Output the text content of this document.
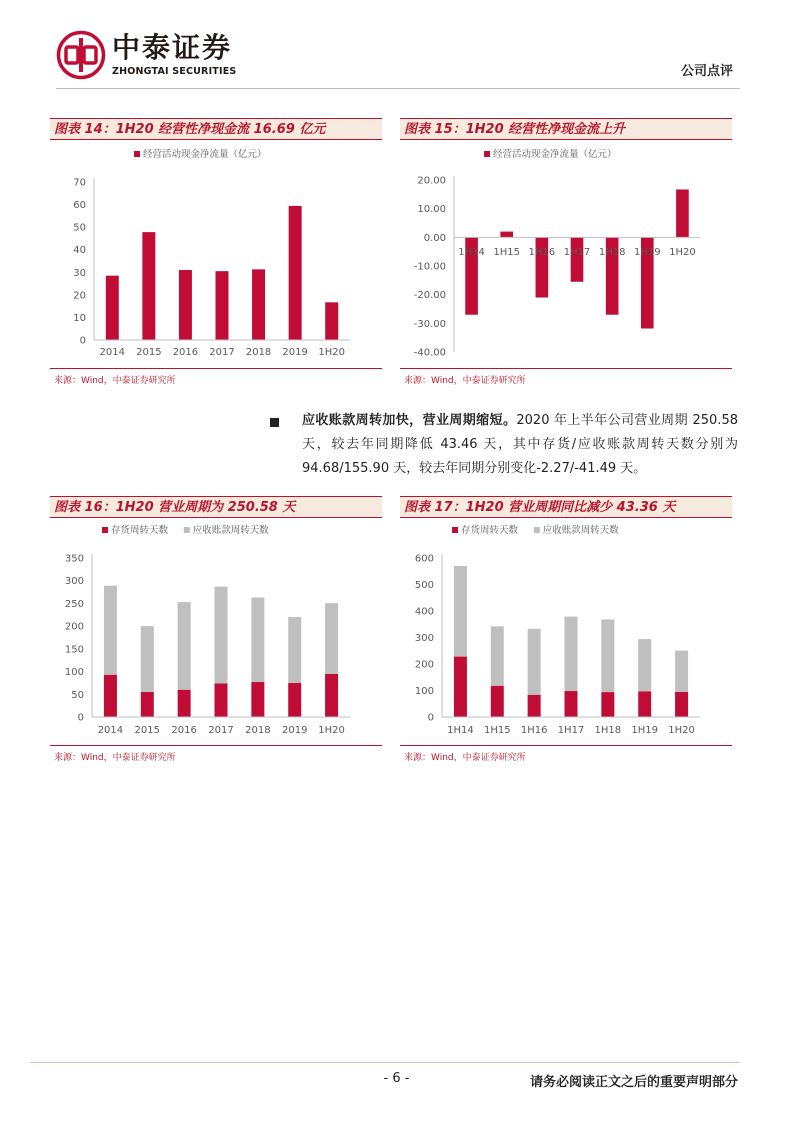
中泰证券
ZHONGTAI SECURITIES	公司点评
图表 14：1H20 经营性净现金流 16.69 亿元
经营活动现金净流量（亿元）
0
10
20
30
40
50
60
70
2014 2015 2016 2017 2018 2019 1H20
来源：Wind，中泰证券研究所
图表 15：1H20 经营性净现金流上升
经营活动现金净流量（亿元）
-40.00
-30.00
-20.00
-10.00
0.00
10.00
20.00
1H14 1H15 1H16 1H17 1H18 1H19 1H20
来源：Wind，中泰证券研究所
应收账款周转加快，营业周期缩短。2020 年上半年公司营业周期 250.58 天，较去年同期降低 43.46 天，其中存货/应收账款周转天数分别为 94.68/155.90 天，较去年同期分别变化-2.27/-41.49 天。
图表 16：1H20 营业周期为 250.58 天
存货周转天数	应收账款周转天数
0
50
100
150
200
250
300
350
2014 2015 2016 2017 2018 2019 1H20
来源：Wind，中泰证券研究所
图表 17：1H20 营业周期同比减少 43.36 天
存货周转天数	应收账款周转天数
0
100
200
300
400
500
600
1H14 1H15 1H16 1H17 1H18 1H19 1H20
来源：Wind，中泰证券研究所
- 6 -	请务必阅读正文之后的重要声明部分
